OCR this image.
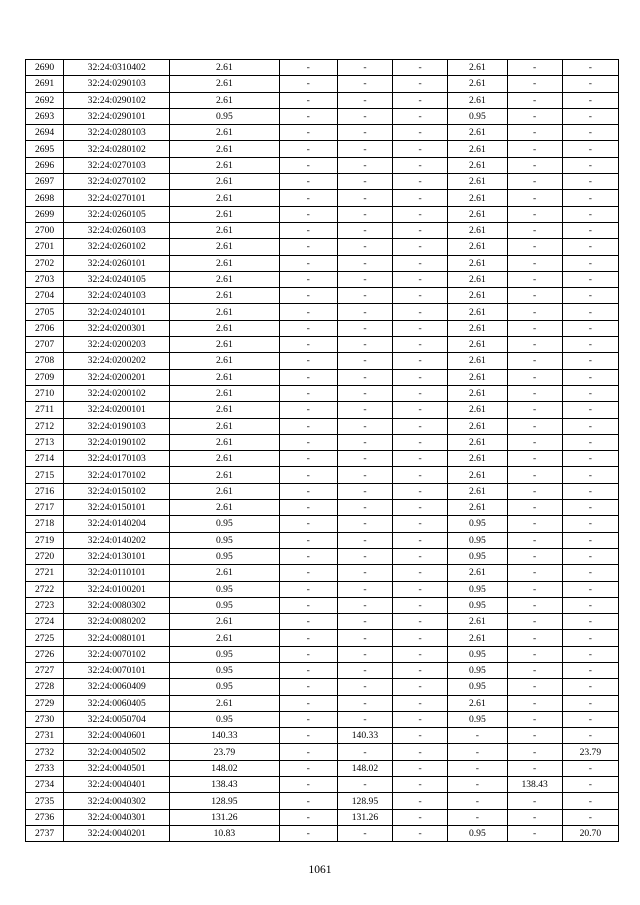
2690	32:24:0310402	2.61	-	-	-	2.61	-	-
2691	32:24:0290103	2.61	-	-	-	2.61	-	-
2692	32:24:0290102	2.61	-	-	-	2.61	-	-
2693	32:24:0290101	0.95	-	-	-	0.95	-	-
2694	32:24:0280103	2.61	-	-	-	2.61	-	-
2695	32:24:0280102	2.61	-	-	-	2.61	-	-
2696	32:24:0270103	2.61	-	-	-	2.61	-	-
2697	32:24:0270102	2.61	-	-	-	2.61	-	-
2698	32:24:0270101	2.61	-	-	-	2.61	-	-
2699	32:24:0260105	2.61	-	-	-	2.61	-	-
2700	32:24:0260103	2.61	-	-	-	2.61	-	-
2701	32:24:0260102	2.61	-	-	-	2.61	-	-
2702	32:24:0260101	2.61	-	-	-	2.61	-	-
2703	32:24:0240105	2.61	-	-	-	2.61	-	-
2704	32:24:0240103	2.61	-	-	-	2.61	-	-
2705	32:24:0240101	2.61	-	-	-	2.61	-	-
2706	32:24:0200301	2.61	-	-	-	2.61	-	-
2707	32:24:0200203	2.61	-	-	-	2.61	-	-
2708	32:24:0200202	2.61	-	-	-	2.61	-	-
2709	32:24:0200201	2.61	-	-	-	2.61	-	-
2710	32:24:0200102	2.61	-	-	-	2.61	-	-
2711	32:24:0200101	2.61	-	-	-	2.61	-	-
2712	32:24:0190103	2.61	-	-	-	2.61	-	-
2713	32:24:0190102	2.61	-	-	-	2.61	-	-
2714	32:24:0170103	2.61	-	-	-	2.61	-	-
2715	32:24:0170102	2.61	-	-	-	2.61	-	-
2716	32:24:0150102	2.61	-	-	-	2.61	-	-
2717	32:24:0150101	2.61	-	-	-	2.61	-	-
2718	32:24:0140204	0.95	-	-	-	0.95	-	-
2719	32:24:0140202	0.95	-	-	-	0.95	-	-
2720	32:24:0130101	0.95	-	-	-	0.95	-	-
2721	32:24:0110101	2.61	-	-	-	2.61	-	-
2722	32:24:0100201	0.95	-	-	-	0.95	-	-
2723	32:24:0080302	0.95	-	-	-	0.95	-	-
2724	32:24:0080202	2.61	-	-	-	2.61	-	-
2725	32:24:0080101	2.61	-	-	-	2.61	-	-
2726	32:24:0070102	0.95	-	-	-	0.95	-	-
2727	32:24:0070101	0.95	-	-	-	0.95	-	-
2728	32:24:0060409	0.95	-	-	-	0.95	-	-
2729	32:24:0060405	2.61	-	-	-	2.61	-	-
2730	32:24:0050704	0.95	-	-	-	0.95	-	-
2731	32:24:0040601	140.33	-	140.33	-	-	-	-
2732	32:24:0040502	23.79	-	-	-	-	-	23.79
2733	32:24:0040501	148.02	-	148.02	-	-	-	-
2734	32:24:0040401	138.43	-	-	-	-	138.43	-
2735	32:24:0040302	128.95	-	128.95	-	-	-	-
2736	32:24:0040301	131.26	-	131.26	-	-	-	-
2737	32:24:0040201	10.83	-	-	-	0.95	-	20.70
1061
